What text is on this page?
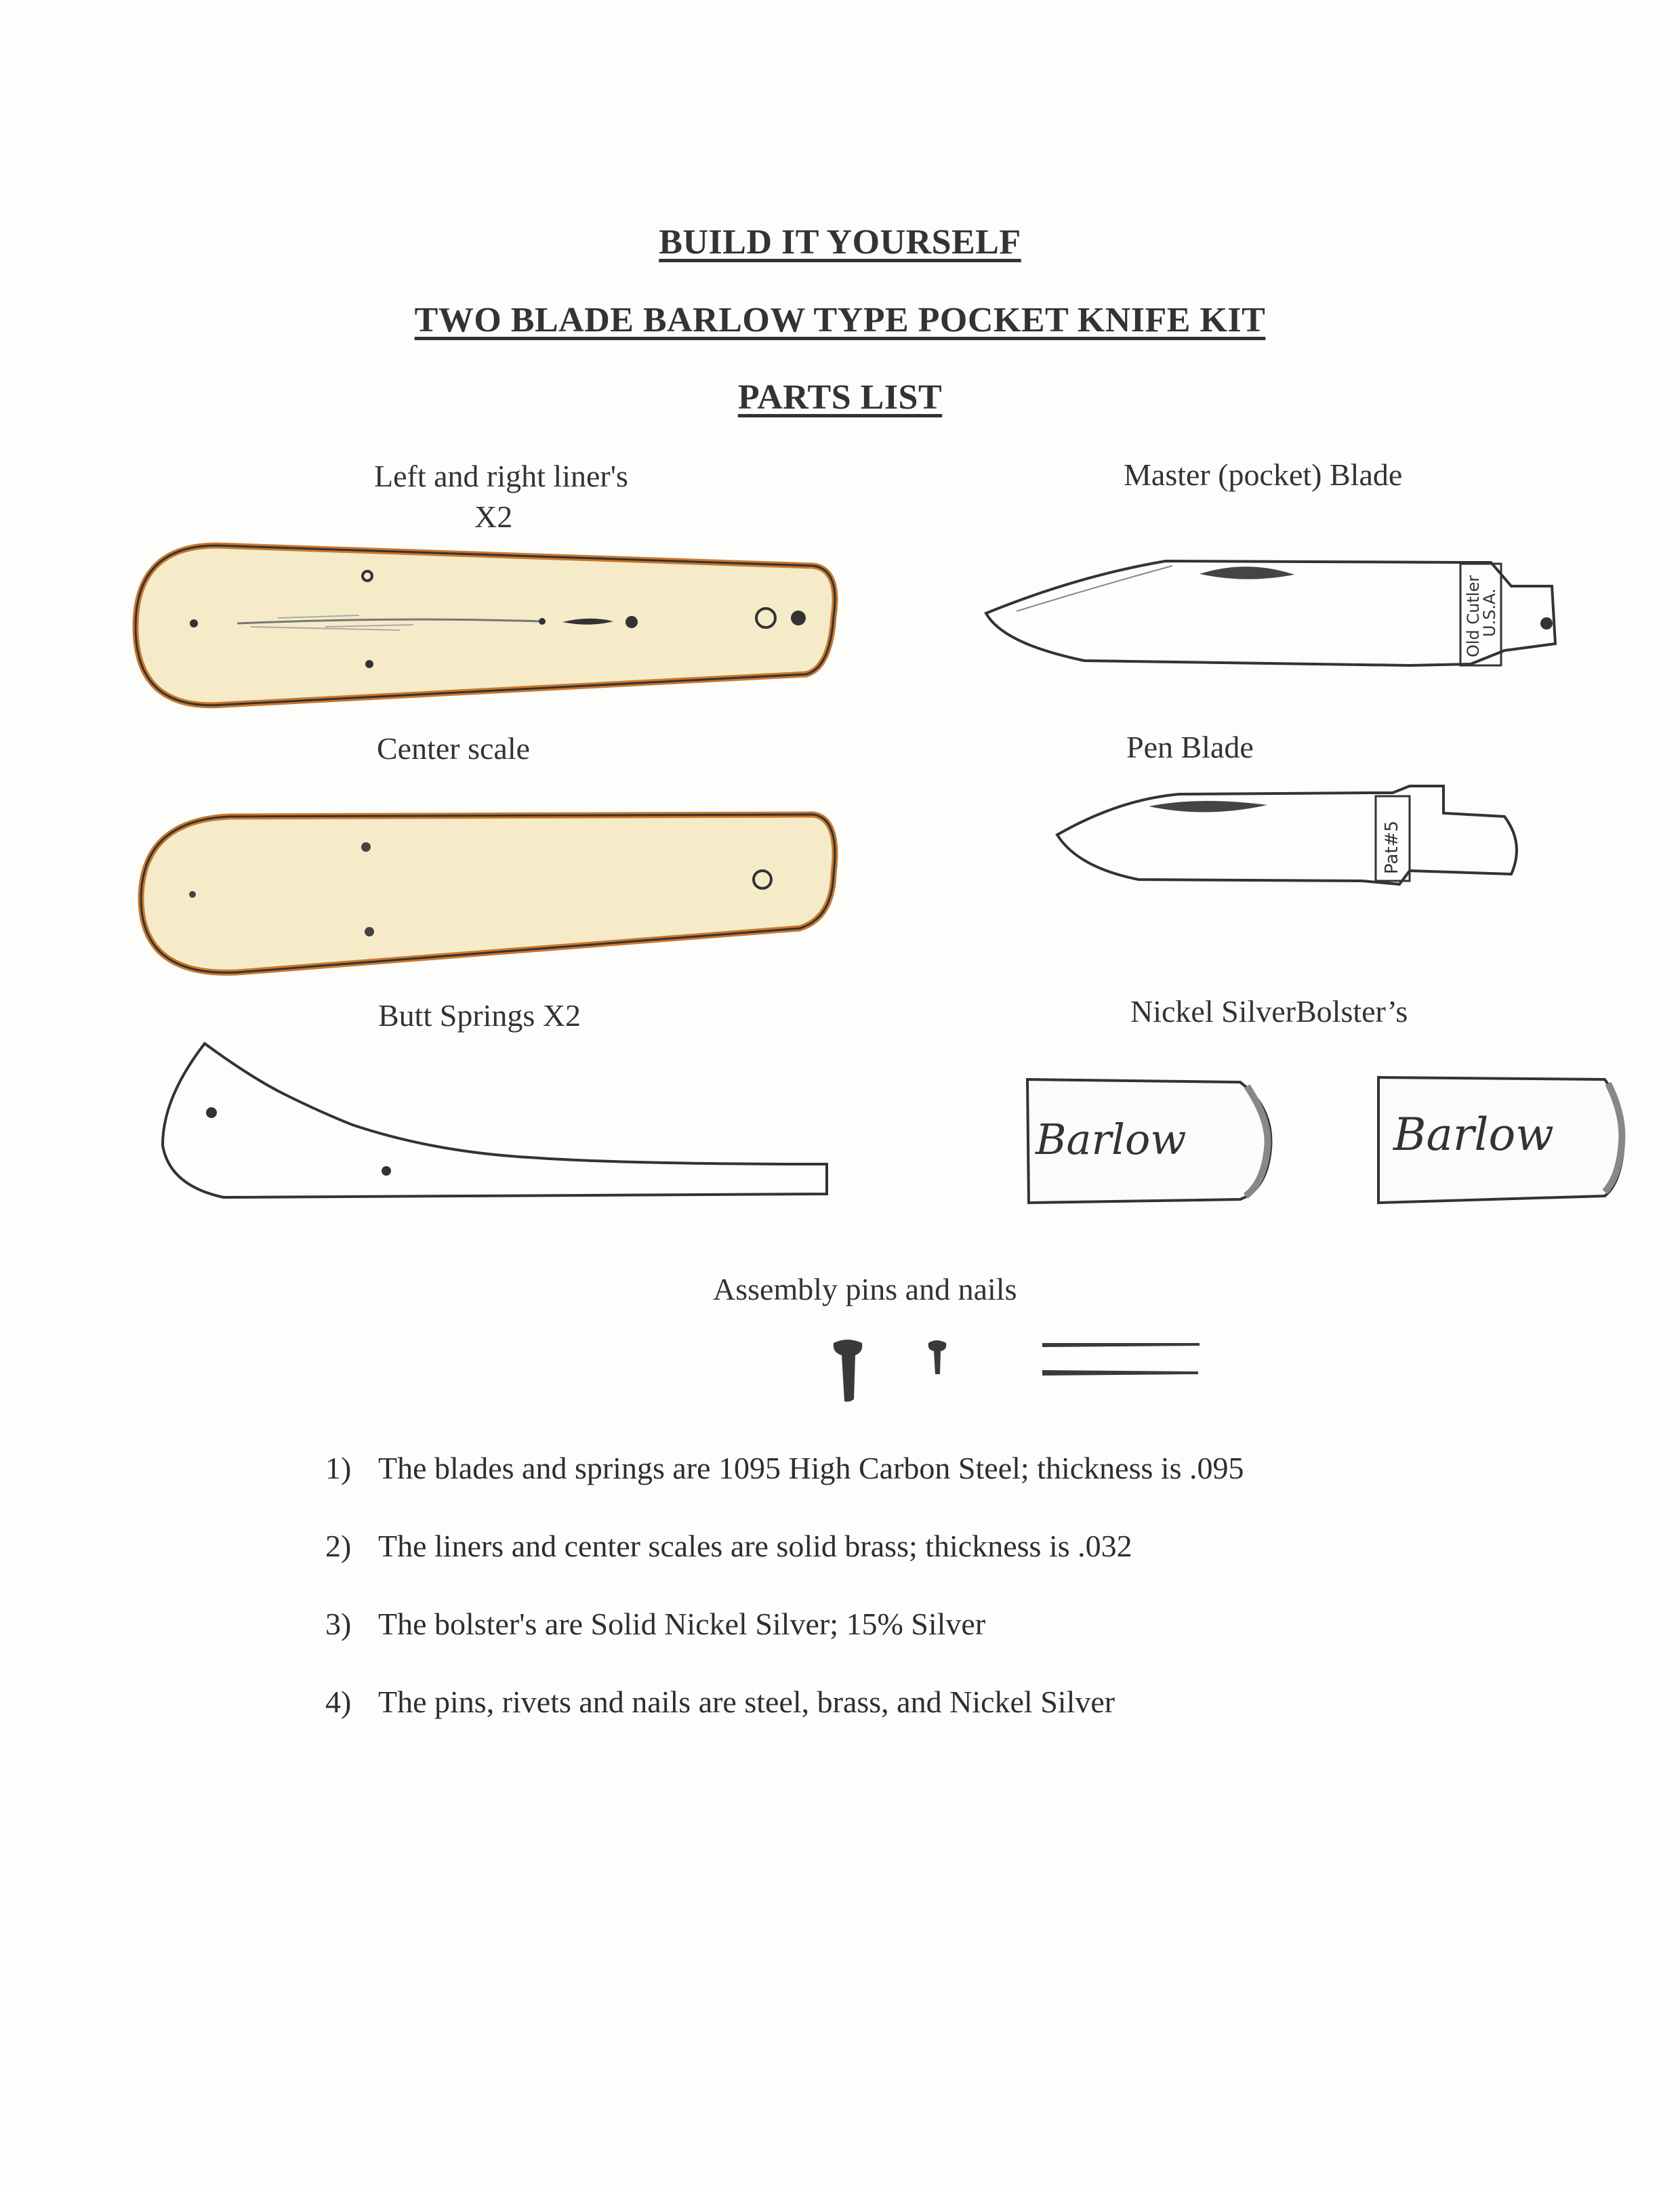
BUILD IT YOURSELF
TWO BLADE BARLOW TYPE POCKET KNIFE KIT
PARTS LIST
Left and right liner's
X2
Master (pocket) Blade
Center scale	Pen Blade
Butt Springs X2	Nickel SilverBolster’s
Assembly pins and nails
Old Cutler
U.S.A.
Pat#5
Barlow	Barlow
1) The blades and springs are 1095 High Carbon Steel; thickness is .095
2) The liners and center scales are solid brass; thickness is .032
3) The bolster's are Solid Nickel Silver; 15% Silver
4) The pins, rivets and nails are steel, brass, and Nickel Silver
